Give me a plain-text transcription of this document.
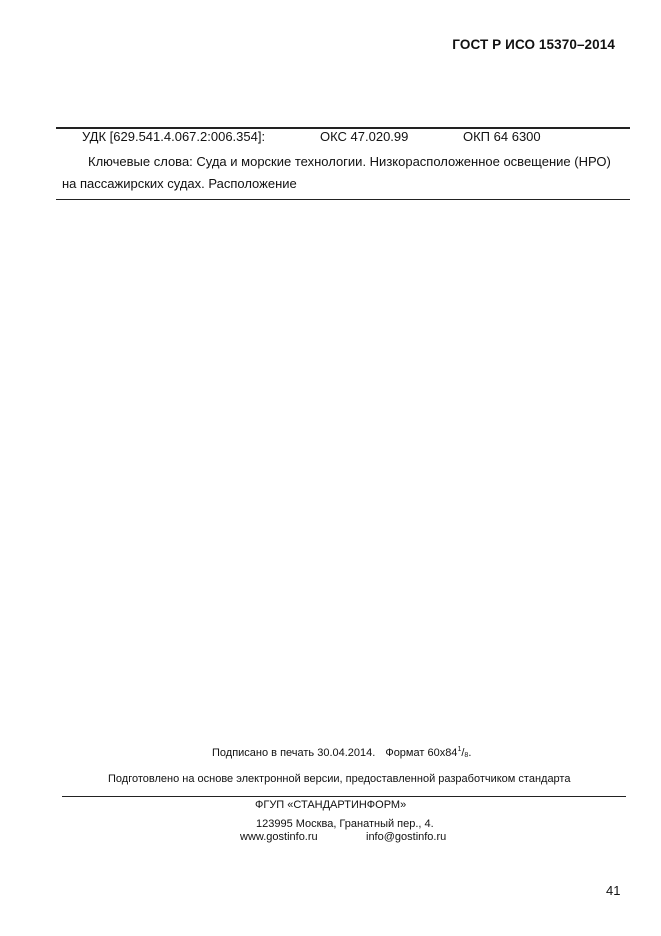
ГОСТ Р ИСО 15370–2014
УДК [629.541.4.067.2:006.354]:	ОКС 47.020.99	ОКП 64 6300
Ключевые слова: Суда и морские технологии. Низкорасположенное освещение (НРО)
на пассажирских судах. Расположение
Подписано в печать 30.04.2014. Формат $60х84^1/_8$.
Подготовлено на основе электронной версии, предоставленной разработчиком стандарта
ФГУП «СТАНДАРТИНФОРМ»
123995 Москва, Гранатный пер., 4.
www.gostinfo.ru	info@gostinfo.ru
41
